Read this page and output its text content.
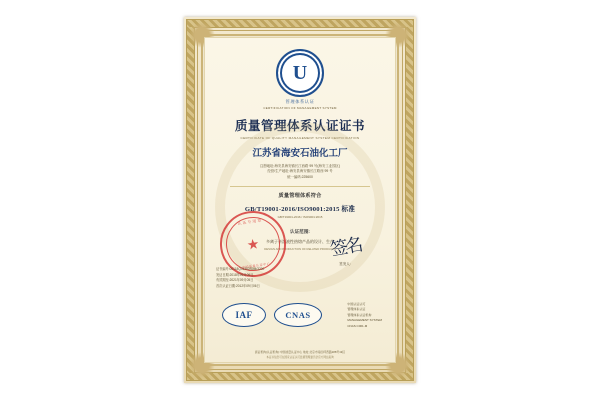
U
管理体系认证
CERTIFICATION OF MANAGEMENT SYSTEM
质量管理体系认证证书
CERTIFICATE OF QUALITY MANAGEMENT SYSTEM CERTIFICATION
江苏省海安石油化工厂
注册地址:海安县海安镇长江西路 99 号(海安工业园区)
经营/生产地址:海安县海安镇长江路西 99 号
统一编码:225600
质量管理体系符合
GB/T19001-2016/ISO9001:2015 标准
GB/T19001-2016 / ISO9001:2015
认证范围:
多离子亲溶液性热熔产品的设计、生产
DESIGN AND PRODUCTION OF RELATED PRODUCTS
认证专用章
★
中国质量认证中心
证书编号:00118Q31352R0M/3200
发证日期:2018年09月06日
有效期至:2021年09月05日
首次认证日期:2012年09月06日
签名
签发人:
IAF	CNAS
中国认证认可
管理体系认证
管理体系认证机构
MANAGEMENT SYSTEM
CNAS C001-M
颁证机构(认证机构):中国质量认证中心 地址:北京市南四环西路188号19区
本证书信息可在国家认证认可监督管理委员会官方网站查询
